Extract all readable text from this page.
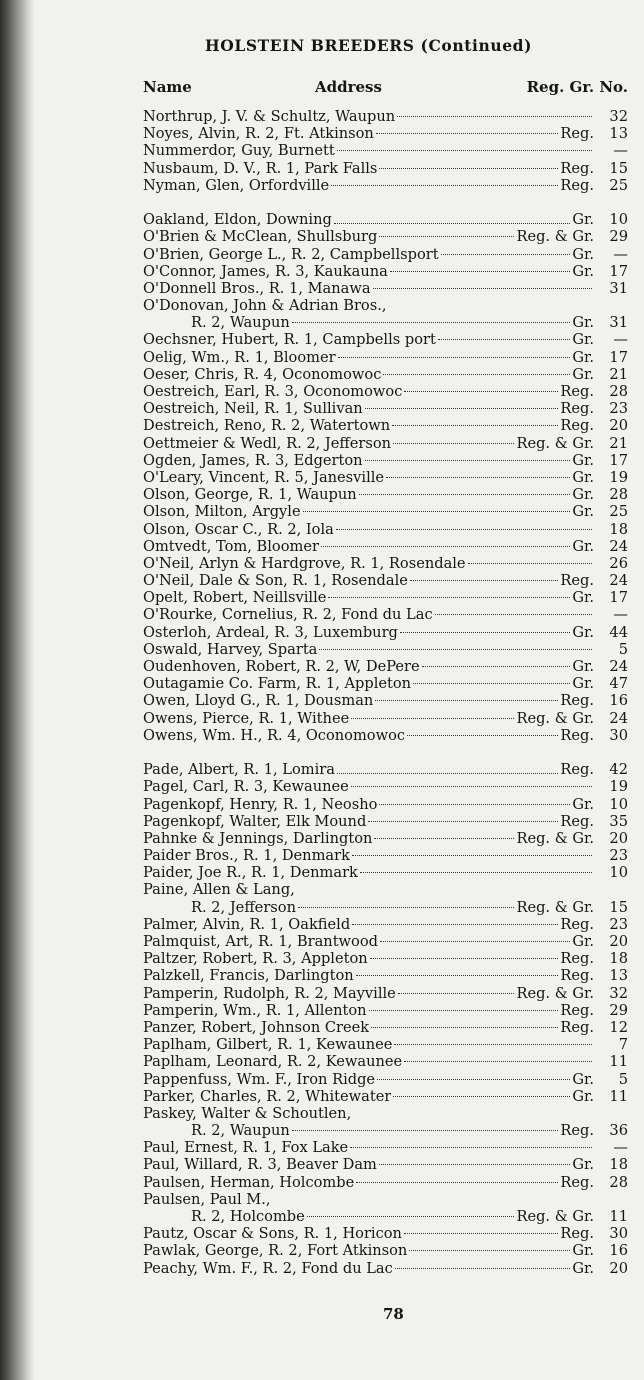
HOLSTEIN BREEDERS (Continued)
Name	Address	Reg. Gr. No.
Northrup, J. V. & Schultz, Waupun	32
Noyes, Alvin, R. 2, Ft. Atkinson	Reg.	13
Nummerdor, Guy, Burnett	—
Nusbaum, D. V., R. 1, Park Falls	Reg.	15
Nyman, Glen, Orfordville	Reg.	25
Oakland, Eldon, Downing	Gr.	10
O'Brien & McClean, Shullsburg	Reg. & Gr.	29
O'Brien, George L., R. 2, Campbellsport	Gr.	—
O'Connor, James, R. 3, Kaukauna	Gr.	17
O'Donnell Bros., R. 1, Manawa	31
O'Donovan, John & Adrian Bros.,
R. 2, Waupun	Gr.	31
Oechsner, Hubert, R. 1, Campbells port	Gr.	—
Oelig, Wm., R. 1, Bloomer	Gr.	17
Oeser, Chris, R. 4, Oconomowoc	Gr.	21
Oestreich, Earl, R. 3, Oconomowoc	Reg.	28
Oestreich, Neil, R. 1, Sullivan	Reg.	23
Destreich, Reno, R. 2, Watertown	Reg.	20
Oettmeier & Wedl, R. 2, Jefferson	Reg. & Gr.	21
Ogden, James, R. 3, Edgerton	Gr.	17
O'Leary, Vincent, R. 5, Janesville	Gr.	19
Olson, George, R. 1, Waupun	Gr.	28
Olson, Milton, Argyle	Gr.	25
Olson, Oscar C., R. 2, Iola	18
Omtvedt, Tom, Bloomer	Gr.	24
O'Neil, Arlyn & Hardgrove, R. 1, Rosendale	26
O'Neil, Dale & Son, R. 1, Rosendale	Reg.	24
Opelt, Robert, Neillsville	Gr.	17
O'Rourke, Cornelius, R. 2, Fond du Lac	—
Osterloh, Ardeal, R. 3, Luxemburg	Gr.	44
Oswald, Harvey, Sparta	5
Oudenhoven, Robert, R. 2, W, DePere	Gr.	24
Outagamie Co. Farm, R. 1, Appleton	Gr.	47
Owen, Lloyd G., R. 1, Dousman	Reg.	16
Owens, Pierce, R. 1, Withee	Reg. & Gr.	24
Owens, Wm. H., R. 4, Oconomowoc	Reg.	30
Pade, Albert, R. 1, Lomira	Reg.	42
Pagel, Carl, R. 3, Kewaunee	19
Pagenkopf, Henry, R. 1, Neosho	Gr.	10
Pagenkopf, Walter, Elk Mound	Reg.	35
Pahnke & Jennings, Darlington	Reg. & Gr.	20
Paider Bros., R. 1, Denmark	23
Paider, Joe R., R. 1, Denmark	10
Paine, Allen & Lang,
R. 2, Jefferson	Reg. & Gr.	15
Palmer, Alvin, R. 1, Oakfield	Reg.	23
Palmquist, Art, R. 1, Brantwood	Gr.	20
Paltzer, Robert, R. 3, Appleton	Reg.	18
Palzkell, Francis, Darlington	Reg.	13
Pamperin, Rudolph, R. 2, Mayville	Reg. & Gr.	32
Pamperin, Wm., R. 1, Allenton	Reg.	29
Panzer, Robert, Johnson Creek	Reg.	12
Paplham, Gilbert, R. 1, Kewaunee	7
Paplham, Leonard, R. 2, Kewaunee	11
Pappenfuss, Wm. F., Iron Ridge	Gr.	5
Parker, Charles, R. 2, Whitewater	Gr.	11
Paskey, Walter & Schoutlen,
R. 2, Waupun	Reg.	36
Paul, Ernest, R. 1, Fox Lake	—
Paul, Willard, R. 3, Beaver Dam	Gr.	18
Paulsen, Herman, Holcombe	Reg.	28
Paulsen, Paul M.,
R. 2, Holcombe	Reg. & Gr.	11
Pautz, Oscar & Sons, R. 1, Horicon	Reg.	30
Pawlak, George, R. 2, Fort Atkinson	Gr.	16
Peachy, Wm. F., R. 2, Fond du Lac	Gr.	20
78
